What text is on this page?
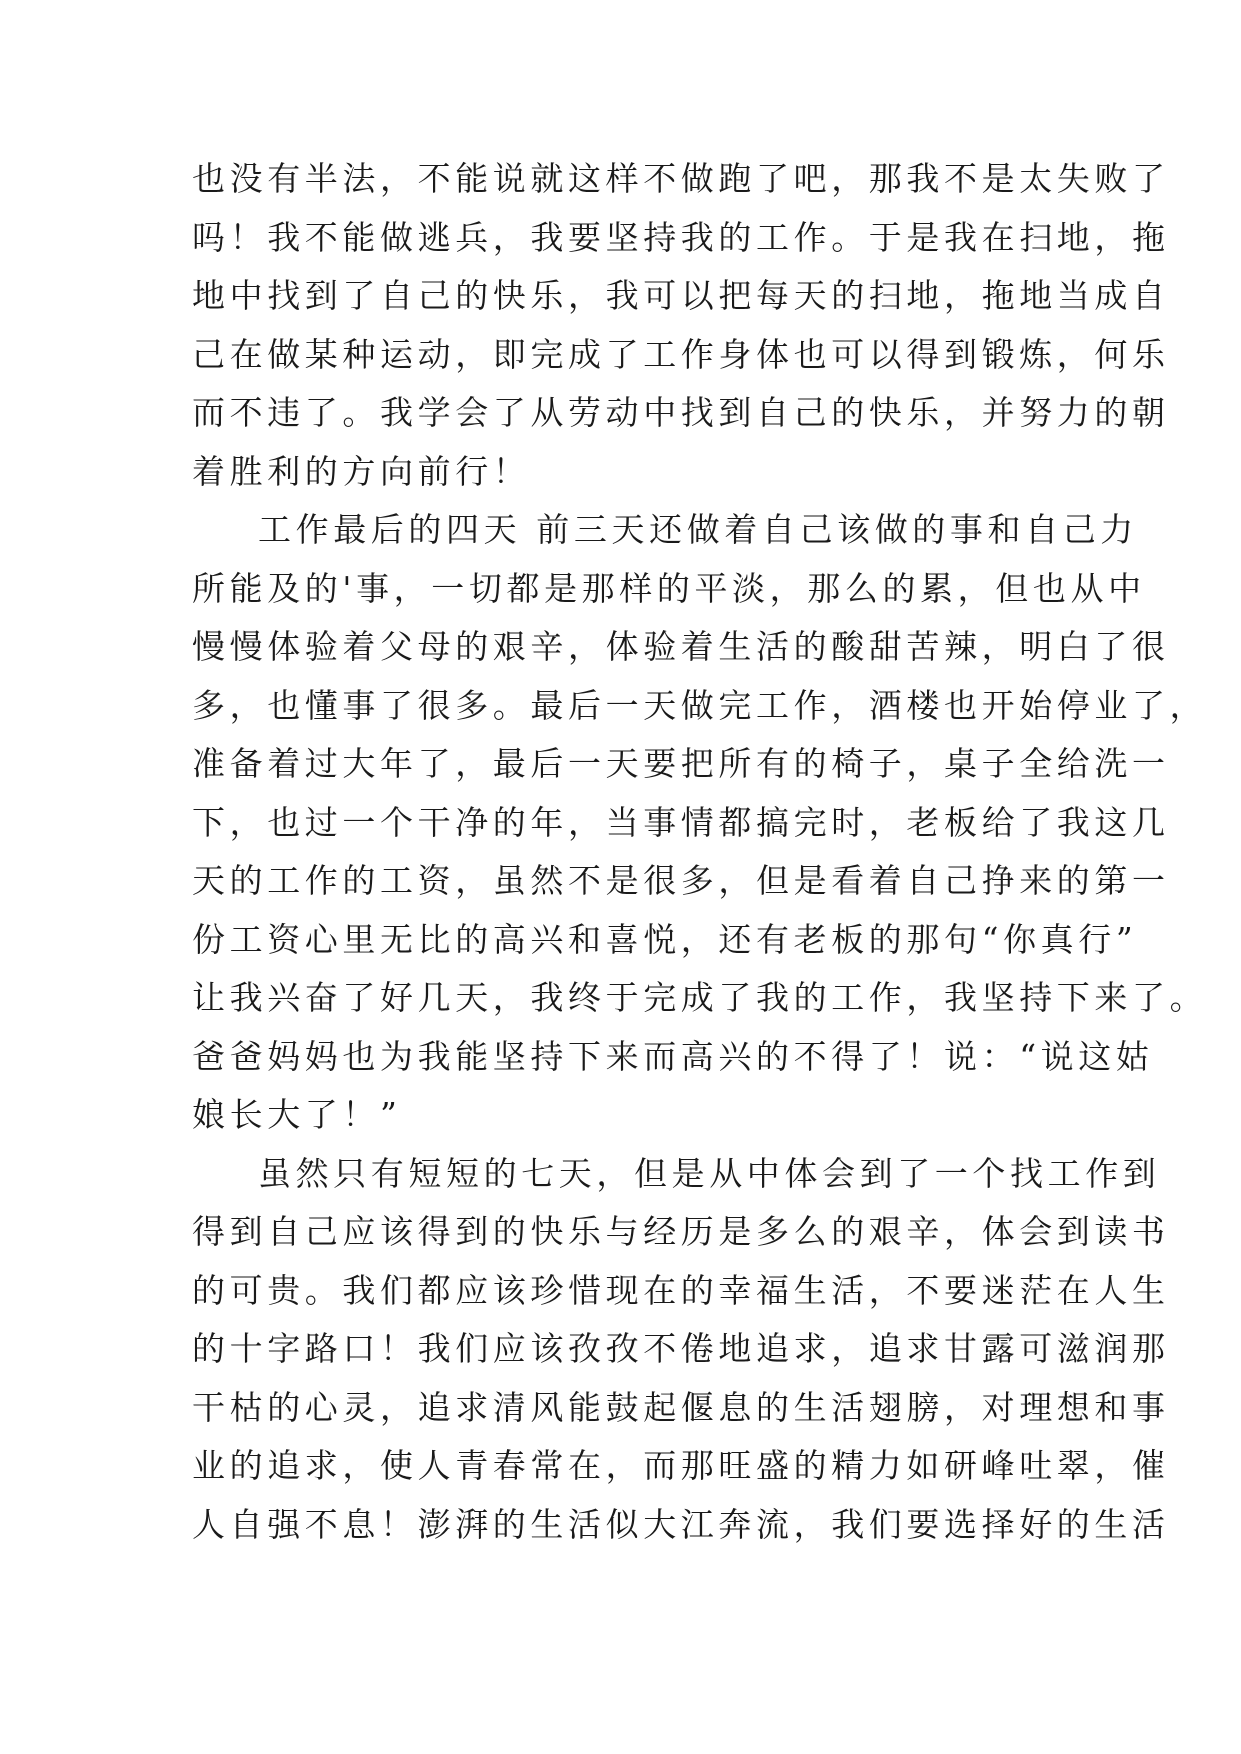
也没有半法，不能说就这样不做跑了吧，那我不是太失败了
吗！我不能做逃兵，我要坚持我的工作。于是我在扫地，拖
地中找到了自己的快乐，我可以把每天的扫地，拖地当成自
己在做某种运动，即完成了工作身体也可以得到锻炼，何乐
而不违了。我学会了从劳动中找到自己的快乐，并努力的朝
着胜利的方向前行！
工作最后的四天 前三天还做着自己该做的事和自己力
所能及的'事，一切都是那样的平淡，那么的累，但也从中
慢慢体验着父母的艰辛，体验着生活的酸甜苦辣，明白了很
多，也懂事了很多。最后一天做完工作，酒楼也开始停业了，
准备着过大年了，最后一天要把所有的椅子，桌子全给洗一
下，也过一个干净的年，当事情都搞完时，老板给了我这几
天的工作的工资，虽然不是很多，但是看着自己挣来的第一
份工资心里无比的高兴和喜悦，还有老板的那句“你真行”
让我兴奋了好几天，我终于完成了我的工作，我坚持下来了。
爸爸妈妈也为我能坚持下来而高兴的不得了！说：“说这姑
娘长大了！”
虽然只有短短的七天，但是从中体会到了一个找工作到
得到自己应该得到的快乐与经历是多么的艰辛，体会到读书
的可贵。我们都应该珍惜现在的幸福生活，不要迷茫在人生
的十字路口！我们应该孜孜不倦地追求，追求甘露可滋润那
干枯的心灵，追求清风能鼓起偃息的生活翅膀，对理想和事
业的追求，使人青春常在，而那旺盛的精力如研峰吐翠，催
人自强不息！澎湃的生活似大江奔流，我们要选择好的生活
